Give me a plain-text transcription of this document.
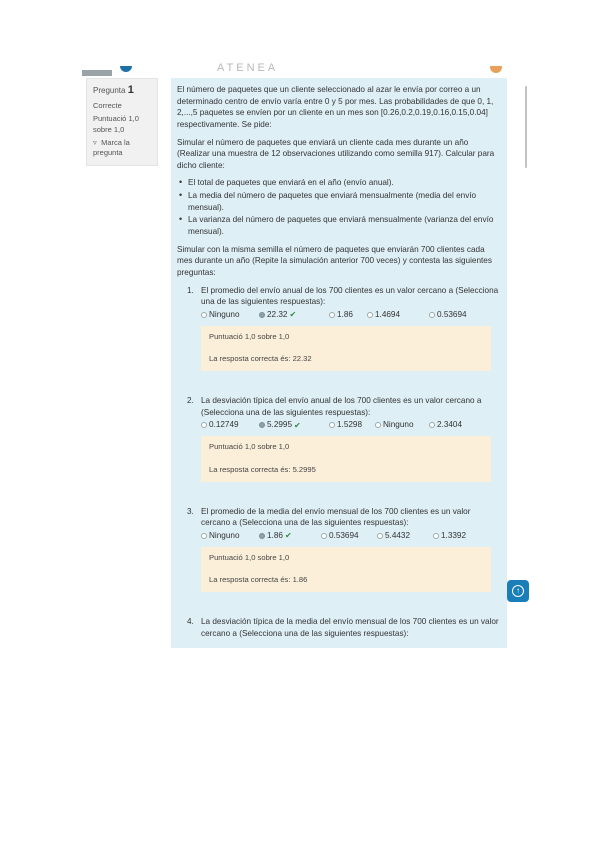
ATENEA
Pregunta 1
Correcte
Puntuació 1,0
sobre 1,0
▿ Marca la
pregunta

El número de paquetes que un cliente seleccionado al azar le envía por correo a un determinado centro de envío varía entre 0 y 5 por mes. Las probabilidades de que 0, 1, 2,...,5 paquetes se envíen por un cliente en un mes son [0.26,0.2,0.19,0.16,0.15,0.04] respectivamente. Se pide:

Simular el número de paquetes que enviará un cliente cada mes durante un año (Realizar una muestra de 12 observaciones utilizando como semilla 917). Calcular para dicho cliente:

• El total de paquetes que enviará en el año (envío anual).
• La media del número de paquetes que enviará mensualmente (media del envío mensual).
• La varianza del número de paquetes que enviará mensualmente (varianza del envío mensual).

Simular con la misma semilla el número de paquetes que enviarán 700 clientes cada mes durante un año (Repite la simulación anterior 700 veces) y contesta las siguientes preguntas:

1. El promedio del envío anual de los 700 clientes es un valor cercano a (Selecciona una de las siguientes respuestas):
Ninguno	22.32 ✔	1.86	1.4694	0.53694
Puntuació 1,0 sobre 1,0
La resposta correcta és: 22.32
2. La desviación típica del envío anual de los 700 clientes es un valor cercano a (Selecciona una de las siguientes respuestas):
0.12749	5.2995 ✔	1.5298	Ninguno	2.3404
Puntuació 1,0 sobre 1,0
La resposta correcta és: 5.2995
3. El promedio de la media del envío mensual de los 700 clientes es un valor cercano a (Selecciona una de las siguientes respuestas):
Ninguno	1.86 ✔	0.53694	5.4432	1.3392
Puntuació 1,0 sobre 1,0
La resposta correcta és: 1.86
4. La desviación típica de la media del envío mensual de los 700 clientes es un valor cercano a (Selecciona una de las siguientes respuestas):
↑
